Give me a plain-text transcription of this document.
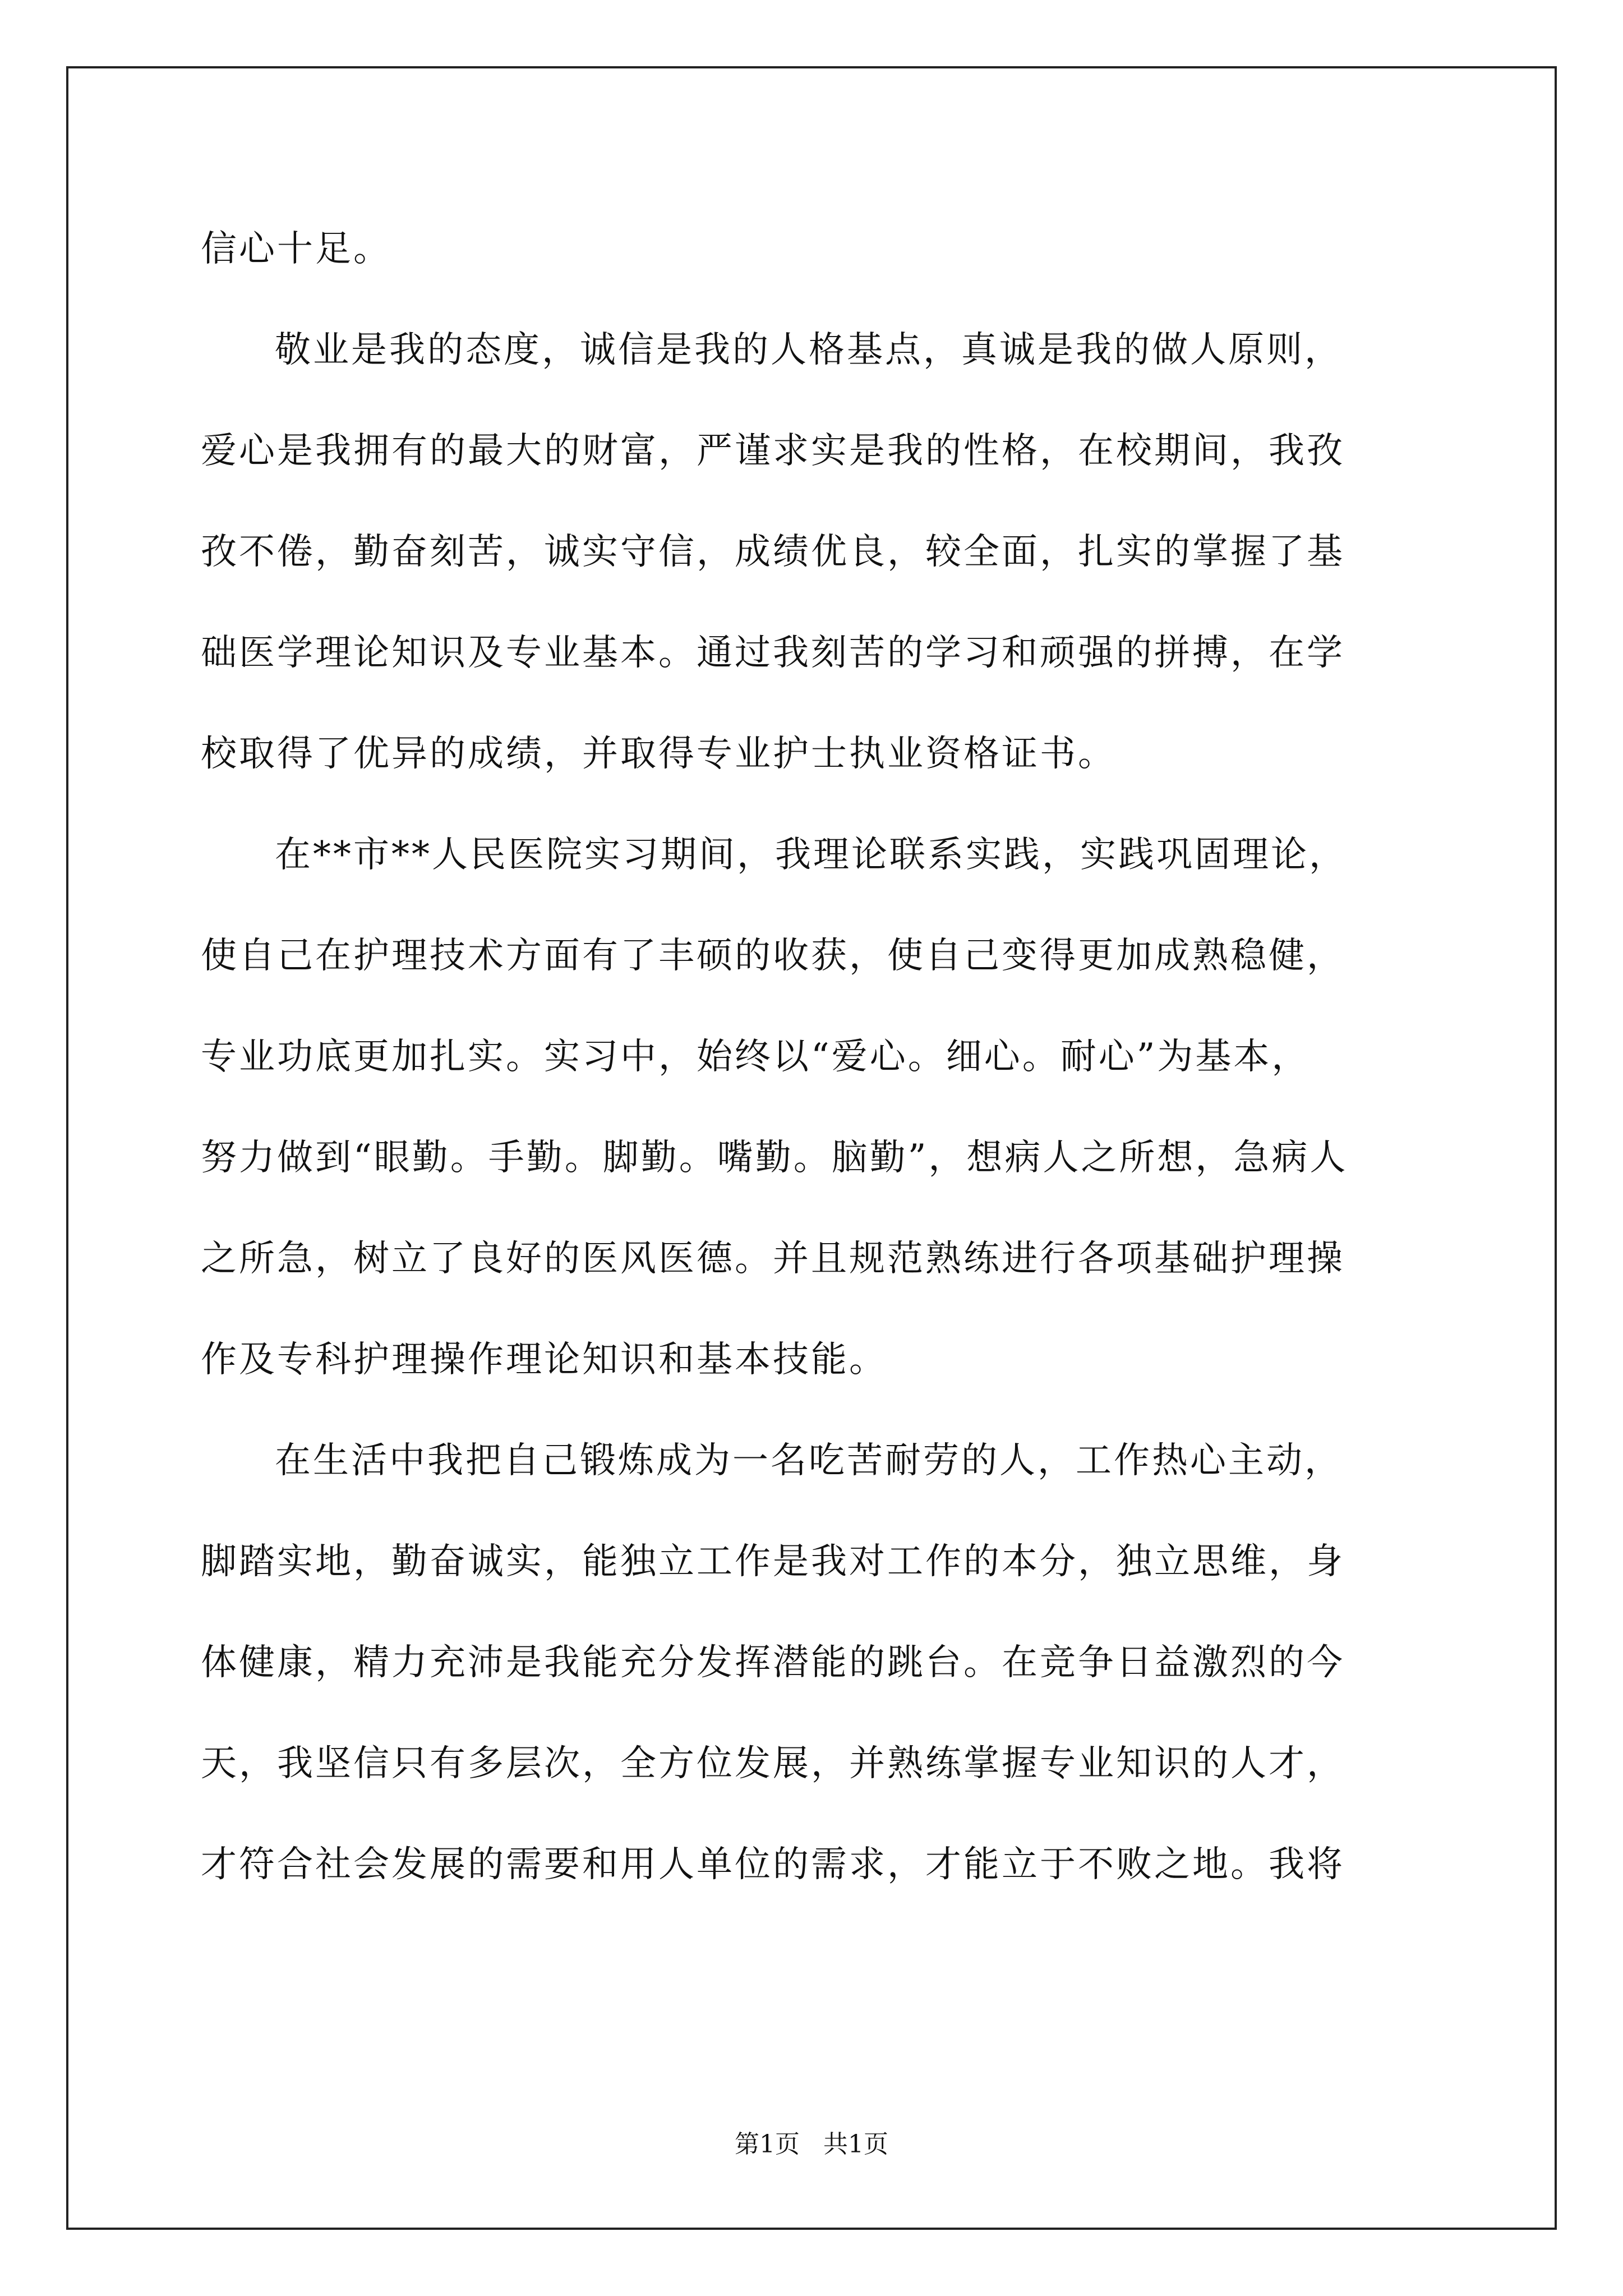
信心十足。
敬业是我的态度，诚信是我的人格基点，真诚是我的做人原则，
爱心是我拥有的最大的财富，严谨求实是我的性格，在校期间，我孜
孜不倦，勤奋刻苦，诚实守信，成绩优良，较全面，扎实的掌握了基
础医学理论知识及专业基本。通过我刻苦的学习和顽强的拼搏，在学
校取得了优异的成绩，并取得专业护士执业资格证书。
在**市**人民医院实习期间，我理论联系实践，实践巩固理论，
使自己在护理技术方面有了丰硕的收获，使自己变得更加成熟稳健，
专业功底更加扎实。实习中，始终以“爱心。细心。耐心”为基本，
努力做到“眼勤。手勤。脚勤。嘴勤。脑勤”，想病人之所想，急病人
之所急，树立了良好的医风医德。并且规范熟练进行各项基础护理操
作及专科护理操作理论知识和基本技能。
在生活中我把自己锻炼成为一名吃苦耐劳的人，工作热心主动，
脚踏实地，勤奋诚实，能独立工作是我对工作的本分，独立思维，身
体健康，精力充沛是我能充分发挥潜能的跳台。在竞争日益激烈的今
天，我坚信只有多层次，全方位发展，并熟练掌握专业知识的人才，
才符合社会发展的需要和用人单位的需求，才能立于不败之地。我将
第1页   共1页
